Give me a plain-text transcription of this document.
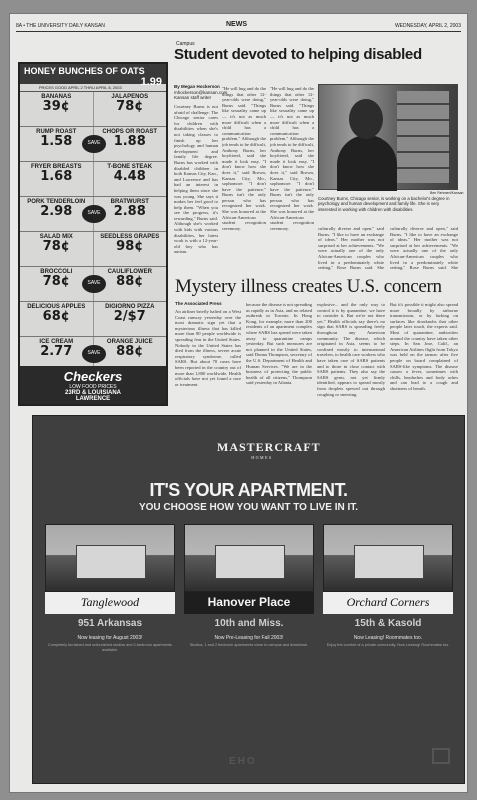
8A • THE UNIVERSITY DAILY KANSAN	NEWS	WEDNESDAY, APRIL 2, 2003
HONEY BUNCHES OF OATS
1.99
PRICES GOOD APRIL 2 THRU APRIL 8, 2003
BANANAS
39¢
JALAPENOS
78¢
RUMP ROAST
1.58
CHOPS OR ROAST
1.88
SAVE
FRYER BREASTS
1.68
T-BONE STEAK
4.48
PORK TENDERLOIN
2.98
BRATWURST
2.88
SAVE
SALAD MIX
78¢
SEEDLESS GRAPES
98¢
BROCCOLI
78¢
CAULIFLOWER
88¢
SAVE
DELICIOUS APPLES
68¢
DIGIORNO PIZZA
2/$7
ICE CREAM
2.77
ORANGE JUICE
88¢
SAVE
Checkers
LOW FOOD PRICES
23RD & LOUISIANA
LAWRENCE
Campus
Student devoted to helping disabled
By Megan Hockerson
mhockerson@kansan.com
Kansan staff writer
Courtney Burns is not afraid of challenge. The Chicago senior cares for children with disabilities when she's not taking classes to finish up her psychology and human development and family life degree. Burns has worked with disabled children in both Kansas City, Kan., and Lawrence and has had an interest in helping them since she was young. She says it makes her feel good to help them. "When you see the progress, it's rewarding," Burns said. Although she's worked with kids with various disabilities, her latest work is with a 12-year-old boy who has autism.
"He will hug and do the things that other 12-year-olds were doing," Burns said. "Things like sexuality came up — it's not as much more difficult when a child has a communication problem." Although the job tends to be difficult, Anthony Burns, her boyfriend, said she made it look easy. "I don't know how she does it," said Brown, Kansas City, Mo., sophomore. "I don't have the patience." Burns isn't the only person who has recognized her work. She was honored at the African-American student recognition ceremony.
"He will hug and do the things that other 12-year-olds were doing," Burns said. "Things like sexuality came up — it's not as much more difficult when a child has a communication problem." Although the job tends to be difficult, Anthony Burns, her boyfriend, said she made it look easy. "I don't know how she does it," said Brown, Kansas City, Mo., sophomore. "I don't have the patience." Burns isn't the only person who has recognized her work. She was honored at the African-American student recognition ceremony.
Ben Rehmert/Kansan
Courtney Burns, Chicago senior, is working on a bachelor's degree in psychology and human development and family life. She is very interested in working with children with disabilities.
culturally diverse and open," said Burns. "I like to have an exchange of ideas." Her mother was not surprised at her achievements. "We were actually one of the only African-American couples who lived in a predominately white setting," Rose Burns said. She
culturally diverse and open," said Burns. "I like to have an exchange of ideas." Her mother was not surprised at her achievements. "We were actually one of the only African-American couples who lived in a predominately white setting," Rose Burns said. She
Mystery illness creates U.S. concern
The Associated Press
An airliner briefly halted on a West Coast runway yesterday over the most dramatic sign yet that a mysterious illness that has killed more than 80 people worldwide is spreading fear in the United States. Nobody in the United States has died from the illness, severe acute respiratory syndrome, called SARS. But about 70 cases have been reported in the country out of more than 1,800 worldwide. Health officials have not yet found a cure or treatment.
because the disease is not spreading as rapidly as in Asia, and no related outbreak in Toronto. In Hong Kong, for example, more than 200 residents of an apartment complex where SARS has spread were taken away to quarantine camps yesterday. But such measures are not planned in the United States, said Donna Thompson, secretary of the U.S. Department of Health and Human Services. "We are in the business of protecting the public health of all citizens," Thompson said yesterday in Atlanta.
explosive... and the only way to control it is by quarantine, we have to consider it. But we're not there yet." Health officials say there's no sign that SARS is spreading freely throughout any American community. The disease, which originated in Asia, seems to be confined mostly to international travelers, to health care workers who have taken care of SARS patients and to those in close contact with SARS patients. They also say the SARS germ, not yet firmly identified, appears to spread mostly from droplets spewed out through coughing or sneezing.
But it's possible it might also spread more broadly by airborne transmission, or by lurking on surfaces like doorknobs that other people later touch, the experts said. Most of quarantine, authorities around the country have taken other steps. In San Jose, Calif., an American Airlines flight from Tokyo was held on the tarmac after five people on board complained of SARS-like symptoms. The disease causes a fever, sometimes with chills, headaches and body aches and can lead to a cough and shortness of breath.
MASTERCRAFT
HOMES
IT'S YOUR APARTMENT.
YOU CHOOSE HOW YOU WANT TO LIVE IN IT.
Tanglewood
951 Arkansas
Now leasing for August 2003!
Completely furnished and unfurnished studios and 2-bedroom apartments available.
Hanover Place
10th and Miss.
Now Pre-Leasing for Fall 2003!
Studios, 1 and 2 bedroom apartments close to campus and downtown.
Orchard Corners
15th & Kasold
Now Leasing! Roommates too.
Enjoy the comfort of a private community. Now Leasing! Roommates too.
EHO
